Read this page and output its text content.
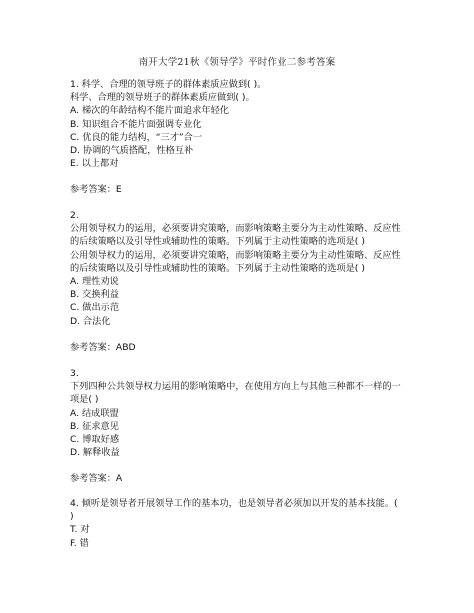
南开大学21秋《领导学》平时作业二参考答案
1. 科学、合理的领导班子的群体素质应做到( )。
科学、合理的领导班子的群体素质应做到( )。
A. 梯次的年龄结构不能片面追求年轻化
B. 知识组合不能片面强调专业化
C. 优良的能力结构，“三才”合一
D. 协调的气质搭配，性格互补
E. 以上都对
参考答案：E
2.
公用领导权力的运用，必须要讲究策略，而影响策略主要分为主动性策略、反应性
的后续策略以及引导性或辅助性的策略。下列属于主动性策略的选项是( )
公用领导权力的运用，必须要讲究策略，而影响策略主要分为主动性策略、反应性
的后续策略以及引导性或辅助性的策略。下列属于主动性策略的选项是( )
A. 理性劝说
B. 交换利益
C. 做出示范
D. 合法化
参考答案：ABD
3.
下列四种公共领导权力运用的影响策略中，在使用方向上与其他三种都不一样的一
项是( )
A. 结成联盟
B. 征求意见
C. 博取好感
D. 解释收益
参考答案：A
4. 倾听是领导者开展领导工作的基本功，也是领导者必须加以开发的基本技能。(
)
T. 对
F. 错
